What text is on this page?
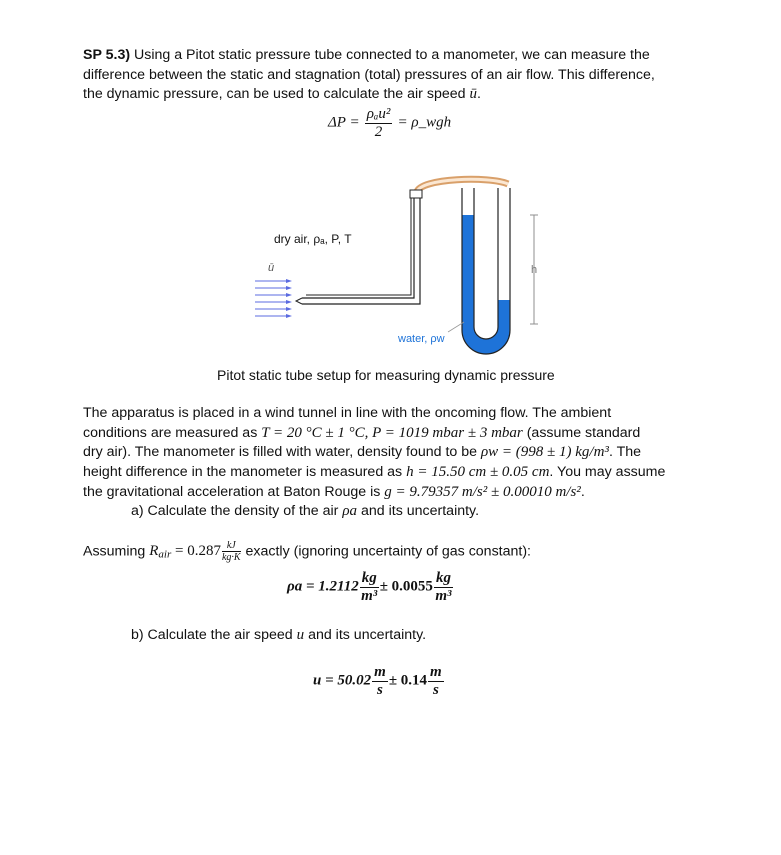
SP 5.3) Using a Pitot static pressure tube connected to a manometer, we can measure the
difference between the static and stagnation (total) pressures of an air flow. This difference,
the dynamic pressure, can be used to calculate the air speed ū.
$\Delta P = \frac{\text{ρₐu²}}{2}$ = ρ_wgh
ū	h
dry air, ρₐ, P, T
water, ρw
Pitot static tube setup for measuring dynamic pressure
The apparatus is placed in a wind tunnel in line with the oncoming flow. The ambient
conditions are measured as T = 20 °C ± 1 °C, P = 1019 mbar ± 3 mbar (assume standard
dry air). The manometer is filled with water, density found to be ρw = (998 ± 1) kg/m³. The
height difference in the manometer is measured as h = 15.50 cm ± 0.05 cm. You may assume
the gravitational acceleration at Baton Rouge is g = 9.79357 m/s² ± 0.00010 m/s².
a) Calculate the density of the air ρa and its uncertainty.
Assuming $R_{air} = 0.287 \frac{kJ}{kg\cdot K}$ exactly (ignoring uncertainty of gas constant):
$\rho a = 1.2112 \frac{kg}{\text{m³}} \pm 0.0055 \frac{kg}{\text{m³}}$
b) Calculate the air speed u and its uncertainty.
$u = 50.02 \frac{m}{s} \pm 0.14 \frac{m}{s}$
